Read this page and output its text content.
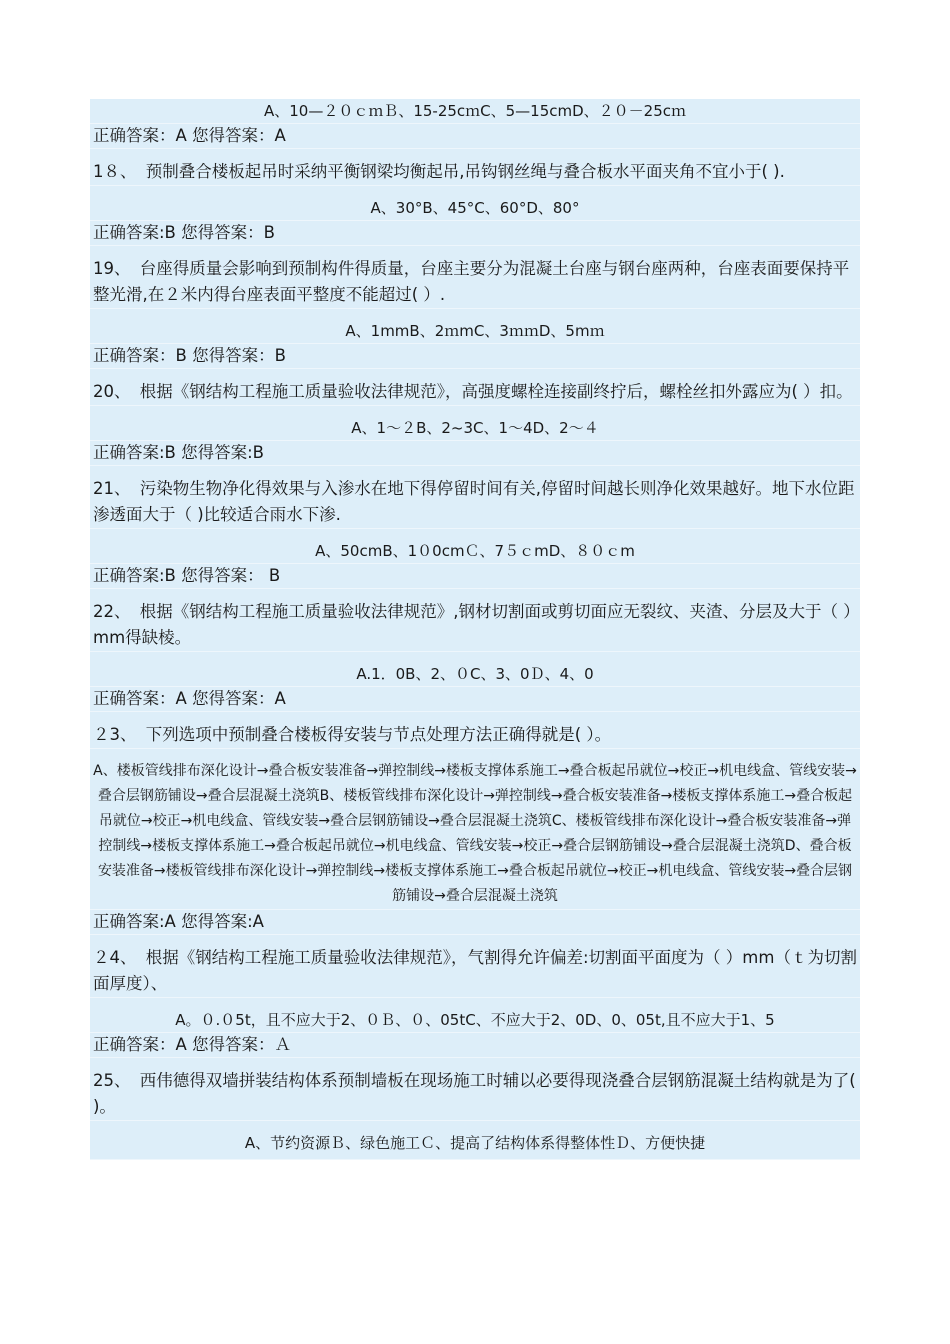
A、10—２０ｃｍＢ、15-25cｍC、5—15cmD、２０－25cｍ
正确答案：A 您得答案：A
1８、 预制叠合楼板起吊时采纳平衡钢梁均衡起吊,吊钩钢丝绳与叠合板水平面夹角不宜小于( ).
A、30°B、45°C、60°D、80°
正确答案:B 您得答案：B
19、 台座得质量会影响到预制构件得质量，台座主要分为混凝土台座与钢台座两种，台座表面要保持平整光滑,在２米内得台座表面平整度不能超过( ）.
A、1mmB、2ｍmC、3ｍｍD、5mｍ
正确答案：B 您得答案：B
20、 根据《钢结构工程施工质量验收法律规范》，高强度螺栓连接副终拧后，螺栓丝扣外露应为( ）扣。
A、1～２B、2~3C、1～4D、2～４
正确答案:B 您得答案:B
21、 污染物生物净化得效果与入渗水在地下得停留时间有关,停留时间越长则净化效果越好。地下水位距渗透面大于（ )比较适合雨水下渗.
A、50cmB、1０0cmＣ、7５ｃmD、８０ｃm
正确答案:B 您得答案： B
22、 根据《钢结构工程施工质量验收法律规范》,钢材切割面或剪切面应无裂纹、夹渣、分层及大于（ ）mm得缺棱。
A.1．0B、2、０C、3、0Ｄ、4、0
正确答案：A 您得答案：A
２3、 下列选项中预制叠合楼板得安装与节点处理方法正确得就是( ）。
A、楼板管线排布深化设计→叠合板安装准备→弹控制线→楼板支撑体系施工→叠合板起吊就位→校正→机电线盒、管线安装→叠合层钢筋铺设→叠合层混凝土浇筑B、楼板管线排布深化设计→弹控制线→叠合板安装准备→楼板支撑体系施工→叠合板起吊就位→校正→机电线盒、管线安装→叠合层钢筋铺设→叠合层混凝土浇筑C、楼板管线排布深化设计→叠合板安装准备→弹控制线→楼板支撑体系施工→叠合板起吊就位→机电线盒、管线安装→校正→叠合层钢筋铺设→叠合层混凝土浇筑D、叠合板安装准备→楼板管线排布深化设计→弹控制线→楼板支撑体系施工→叠合板起吊就位→校正→机电线盒、管线安装→叠合层钢筋铺设→叠合层混凝土浇筑
正确答案:A 您得答案:A
２4、 根据《钢结构工程施工质量验收法律规范》，气割得允许偏差:切割面平面度为（ ）mm（ｔ为切割面厚度）、
A。０.０5t，且不应大于2、０Ｂ、０、05tC、不应大于2、0D、0、05t,且不应大于1、5
正确答案：A 您得答案：Ａ
25、 西伟德得双墙拼装结构体系预制墙板在现场施工时辅以必要得现浇叠合层钢筋混凝土结构就是为了( )。
A、节约资源Ｂ、绿色施工Ｃ、提高了结构体系得整体性Ｄ、方便快捷
